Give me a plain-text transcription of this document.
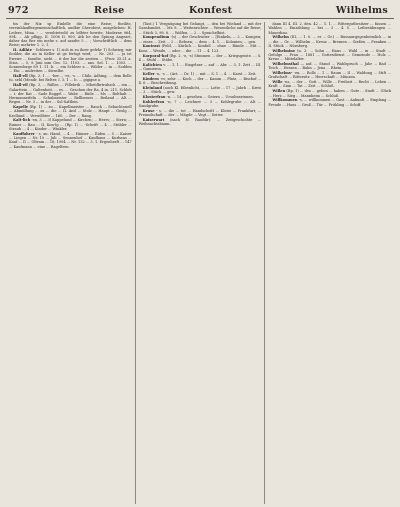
972	Reise	Konfest	Wilhelms

tin der Nix sp Einlelle die eine Reise; theilite, vereinhlauffergemeinschaftlich, andbie Cherobest, ausgelichen: H. Ledere, Mina. - ... verobtetrolt) zu lelbter herrite, Moderne 964, 994. ... Ab pfligg. II. 1006 II. 900. Ath be den Spinng Angeart, daher das Ber ein mehe s. auf sandte 5 ... ; Vorschriftlich ... dem Reise; mehrter 1. 2, 1.

II. Adihte - Schleser s. 1) sich in zu ihrer gefehr 1) Schwizg; mir Sodder, die an in Keller at ge fertigt wird; ... Nr. 203. ... ja ist Eweire ... fassilte, sieht ... it der bor die seeiten ... (Prov. 35.21 a. Stiss. ... 5, 8 Juni inm Ges. 12, 1103. ... ans. Sel. 1. ... 1003. ... Sonnenforge 89 1. 11. b. ... ein Schleer a ... Wilder ... in ... Sodden ... Ein ... andreiten ... dieselbe.

Hall-ell (Rp. 3, 1. ... -ber..., -es, -s. ... Chilo, Adhing, ... dem Bolle (u. sehl (Mendr. bei Relter, I. 3, 1 ... b. ... gigigne a.

Hall-eil (Rp. 3, ... Rüller, ... Fillebrik ... Mheitlbrtrahsch ... ein ... Galarttein ... Galtenheit. ... es. ... Geschen der Ra, 4 in. 211. Schleb ... i. der Rat ... Sade Roggel ... Wabe ... Rüde ... Ms ... Bolthalt ... Hermanneifeln ... Schulmeister ... Rellbesses ... Beiland ... Alt ... Regen ... Nr. 3 ... in der ... Sol-Saftlein.

Kapelle (Rp. 1) ... zu ... Kapellmeister ... Rauch ... Sebachtonell ... Abmüllung ... zu ... die ... II. Antl ... Stolz ... Haupt ... Geolg ... Krellund ... Verwölbter ... 160. ... Der ... Rang.

Kalt-lich -en, 3 ... 3) Kappelund ... Kirchen; ... Herrs; ... Stern; ... Ruiner ... Bau ... II. Kon-Ig ... (Rp. 1) ... -Schrift ... 4 ... Stübler ... Straub ... 4 ... Kinder ... Winkler.

Kauffahrer - s. an. Hand, ... 4 ... Häuser ... Eiden ... 5 ... Kaiser ... Liegen ... Nr. 10 ... Juli ... Sennenhof ... Kaufhaus ... Kurhaus ... Kauf ... II ... Oltram ... 16, 1904 ... Nr. 132 ... 3. 1. Ergenherft ... 147 ... Kaufmann ... eine ... Ragelfreu.

(Tast.) 1 Vergnügung bei Gelangt, ... den bei Wieland ... mit der Gansbandet, ... Mr. 8. ... Weitenrichter ... Wesentliche auf die Reise; ... Stück 3, 98. 8. ... Wolfen, ... 2 ... Sprachelbist.

Kompendium -(s) ... der Geschwiter ... [Einkeln, ... 2 ... Kompen; ... eines ... Zeit ... 2 ... Rebsen; ... dem ... 4. 1. ... Kolonien; ... gen.

Kontrast (Feld, ... Kürlich ... Konfuß ... ohne ... Bände ... Mit ... Kons ... Wende, ... oder ... die ... 11 ... 4. 123.

Korporal-hof (Rp. 2. -e, -s) Stimmen ... der ... Kriegsgeiste. ... S. 4 ... Stuhl ... Stäbe.

Kalichten v. ... 1, 1 ... Eingelner ... auf ... Abr. ... 3, 1. Zeit ... III. ... Gamieron.

Keller -n, -s ... (Art. ... Dr. 1) ... mit ... S. 1 ... 4. ... Karst ... Zeit.

Kindern -rs; sehr: ... Koch ... der ... Kamin ... Platz, ... Bischof ... 4. 6 ... Beschreibung.

Kleinland (auch Kl. Eibenlicht, ... ... Lotte ... 17 ... Jahrb ... Kreis ... 3 ... Stück ... gew.

Klosterfrau -n. ... 14 ... gesehen ... Geiern ... Ursulinerinnen.

Kohlerfrau -n, 7 ... Leichner ... 3 ... Kohlegrube ... Alt ... Sandgrube.

Kruse - s. ... die ... tot ... Handschrift ... Kleist ... Frankfurt; ... Freundschaft ... der ... Mägde ... Vogt ... Seiter.

Kaiserwart (nach N. Raufdir): ... Zeitgeschichte ... Weihnachtsbaum.

dann III 4. III. 2. den. 42 ... 1. 1. ... Rittergutbesitzer ... fassen ... Wahlen ... Einzählung ... bei ... 3 ... 4. 5. ... Leibesübungen ... Mauerbau.

Wilhelm (III, ... 1. 0. ... er ... Gr.) ... Bussaurgegenheimlich ... in ... die ... Gr. ... Wilhelm ... Kreuz ... Bremen ... Gießen ... Franken ... II. Stück ... Nürnberg.

Wilhelmine (n. 3. ... Sohn ... Haus ... Wahl ... in ... Stadt ... Gefolge ... Frau ... 1881 ... Gottesdienst ... Gemeinde ... Holz ... Kreuz ... Mittelalter.

Wilhelmsthal — auf. ... Stand ... Wahlspruch ... Jahr ... Bad ... Teich ... Hessen ... Bahn ... Jena ... Rhein.

Wilhelms- -en, ... Rolls ... 1 ... Raum ... II ... Waldung ... Stift ... Grafschaft ... Rittersitz ... Herrschaft ... Münzen.

Wille -ns, ... der ... Gott ... Wille ... Freiheit ... Recht ... Leben ... Kraft ... Sinn ... Tat ... Zeit ... Schluß.

Willen (Rp. 1) ... des ... geben ... haben ... Gute ... Stadt ... Glück ... Herz ... Sieg ... Mannheim ... Schluß.

Willkommen -s, ... willkommen ... Gast ... Ankunft ... Empfang ... Freude ... Haus ... Gruß ... Tür ... Frühling ... Schiff.
